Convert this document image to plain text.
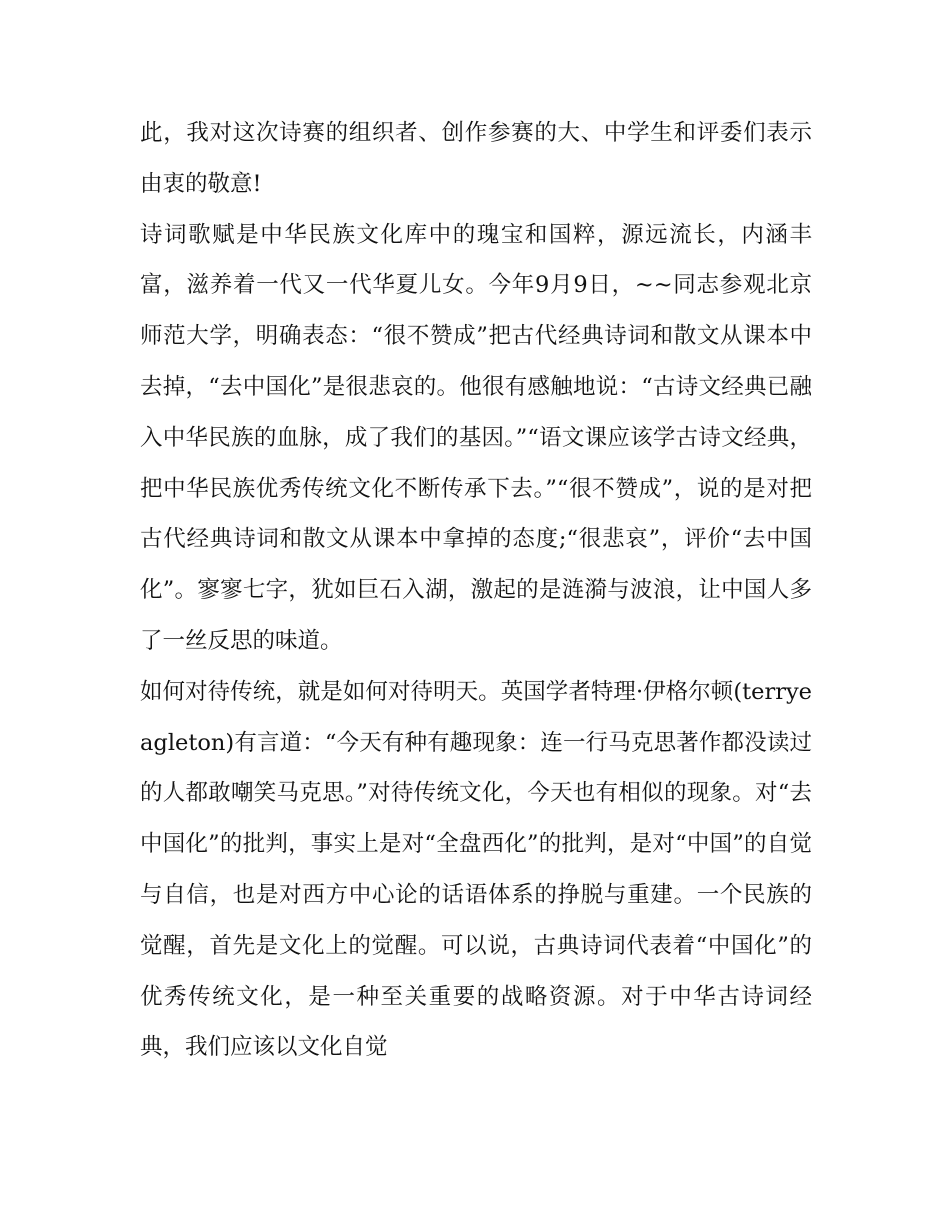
此，我对这次诗赛的组织者、创作参赛的大、中学生和评委们表示由衷的敬意!

诗词歌赋是中华民族文化库中的瑰宝和国粹，源远流长，内涵丰富，滋养着一代又一代华夏儿女。今年9月9日，~~同志参观北京师范大学，明确表态：“很不赞成”把古代经典诗词和散文从课本中去掉，“去中国化”是很悲哀的。他很有感触地说：“古诗文经典已融入中华民族的血脉，成了我们的基因。”“语文课应该学古诗文经典，把中华民族优秀传统文化不断传承下去。”“很不赞成”，说的是对把古代经典诗词和散文从课本中拿掉的态度;“很悲哀”，评价“去中国化”。寥寥七字，犹如巨石入湖，激起的是涟漪与波浪，让中国人多了一丝反思的味道。

如何对待传统，就是如何对待明天。英国学者特理·伊格尔顿(terryeagleton)有言道：“今天有种有趣现象：连一行马克思著作都没读过的人都敢嘲笑马克思。”对待传统文化，今天也有相似的现象。对“去中国化”的批判，事实上是对“全盘西化”的批判，是对“中国”的自觉与自信，也是对西方中心论的话语体系的挣脱与重建。一个民族的觉醒，首先是文化上的觉醒。可以说，古典诗词代表着“中国化”的优秀传统文化，是一种至关重要的战略资源。对于中华古诗词经典，我们应该以文化自觉
